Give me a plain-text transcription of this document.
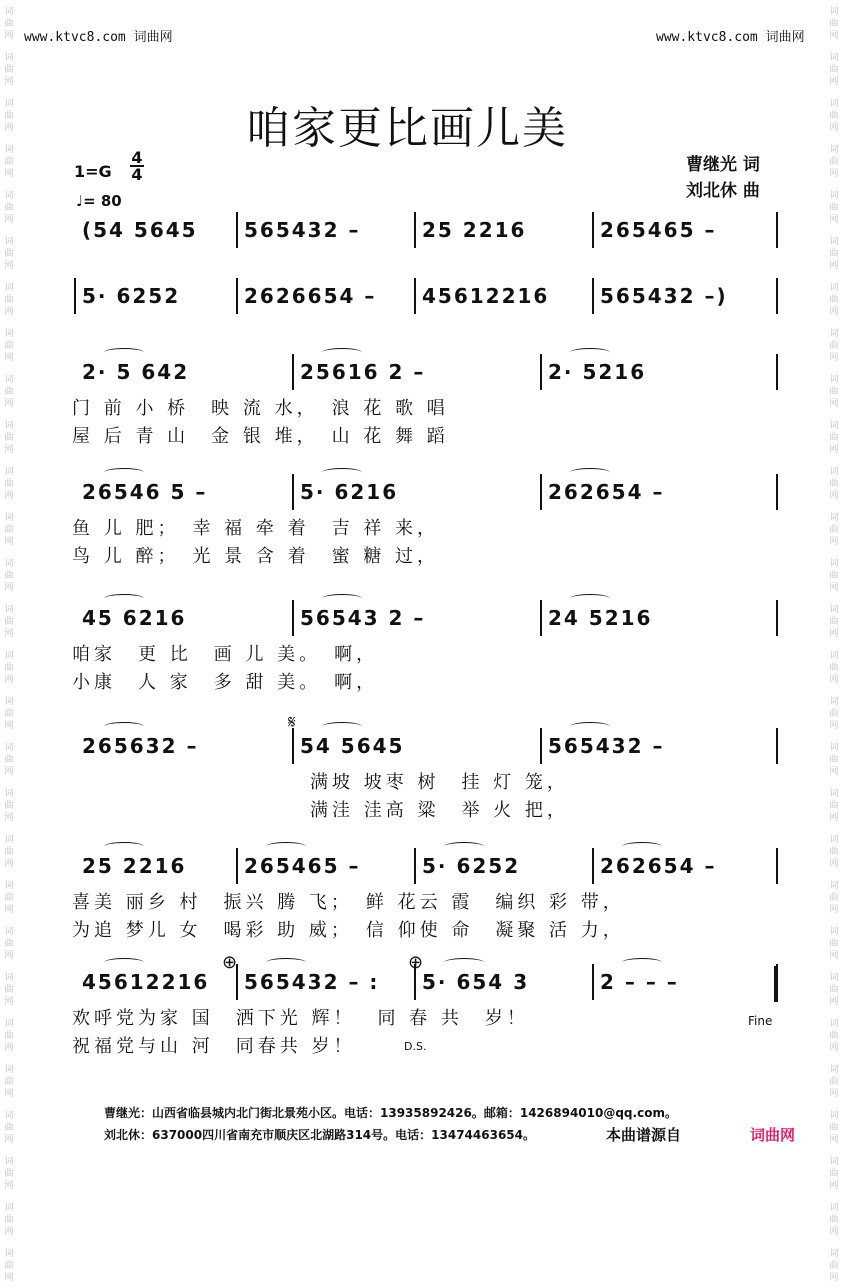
词
曲
网
词
曲
网
词
曲
网
词
曲
网
词
曲
网
词
曲
网
词
曲
网
词
曲
网
词
曲
网
词
曲
网
词
曲
网
词
曲
网
词
曲
网
词
曲
网
词
曲
网
词
曲
网
词
曲
网
词
曲
网
词
曲
网
词
曲
网
词
曲
网
词
曲
网
词
曲
网
词
曲
网
词
曲
网
词
曲
网
词
曲
网
词
曲
网
词
曲
网
词
曲
网
词
曲
网
词
曲
网
词
曲
网
词
曲
网
词
曲
网
词
曲
网
词
曲
网
词
曲
网
词
曲
网
词
曲
网
词
曲
网
词
曲
网
词
曲
网
词
曲
网
词
曲
网
词
曲
网
词
曲
网
词
曲
网
词
曲
网
词
曲
网
词
曲
网
词
曲
网
词
曲
网
词
曲
网
词
曲
网
词
曲
网
www.ktvc8.com 词曲网	www.ktvc8.com 词曲网
咱家更比画儿美
1=G
4
4
♩= 80
曹继光 词
刘北休 曲
(54 5645 565432 –	25 2216	265465 –
5· 6252	2626654 – 45612216	565432 –)
2· 5 642	25616 2 –	2· 5216
门 前 小 桥　映 流 水，　浪 花 歌 唱
屋 后 青 山　金 银 堆，　山 花 舞 蹈
26546 5 –	5· 6216	262654 –
鱼 儿 肥；　幸 福 牵 着　吉 祥 来，
鸟 儿 醉；　光 景 含 着　蜜 糖 过，
45 6216	56543 2 –	24 5216
咱家　更 比　画 儿 美。　啊，
小康　人 家　多 甜 美。　啊，
265632 –	54 5645	565432 –
满坡 坡枣 树　挂 灯 笼，
满洼 洼高 粱　举 火 把，
25 2216	265465 –	5· 6252	262654 –
喜美 丽乡 村　振兴 腾 飞；　鲜 花云 霞　编织 彩 带，
为追 梦儿 女　喝彩 助 威；　信 仰使 命　凝聚 活 力，
45612216 565432 – : 5· 654 3	2 – – –
欢呼党为家 国　洒下光 辉！　同 春 共　岁！
祝福党与山 河　同春共 岁！
𝄋
⊕	⊕
Fine
D.S.
曹继光：山西省临县城内北门街北景苑小区。电话：13935892426。邮箱：1426894010@qq.com。
刘北休：637000四川省南充市顺庆区北湖路314号。电话：13474463654。	本曲谱源自	词曲网
